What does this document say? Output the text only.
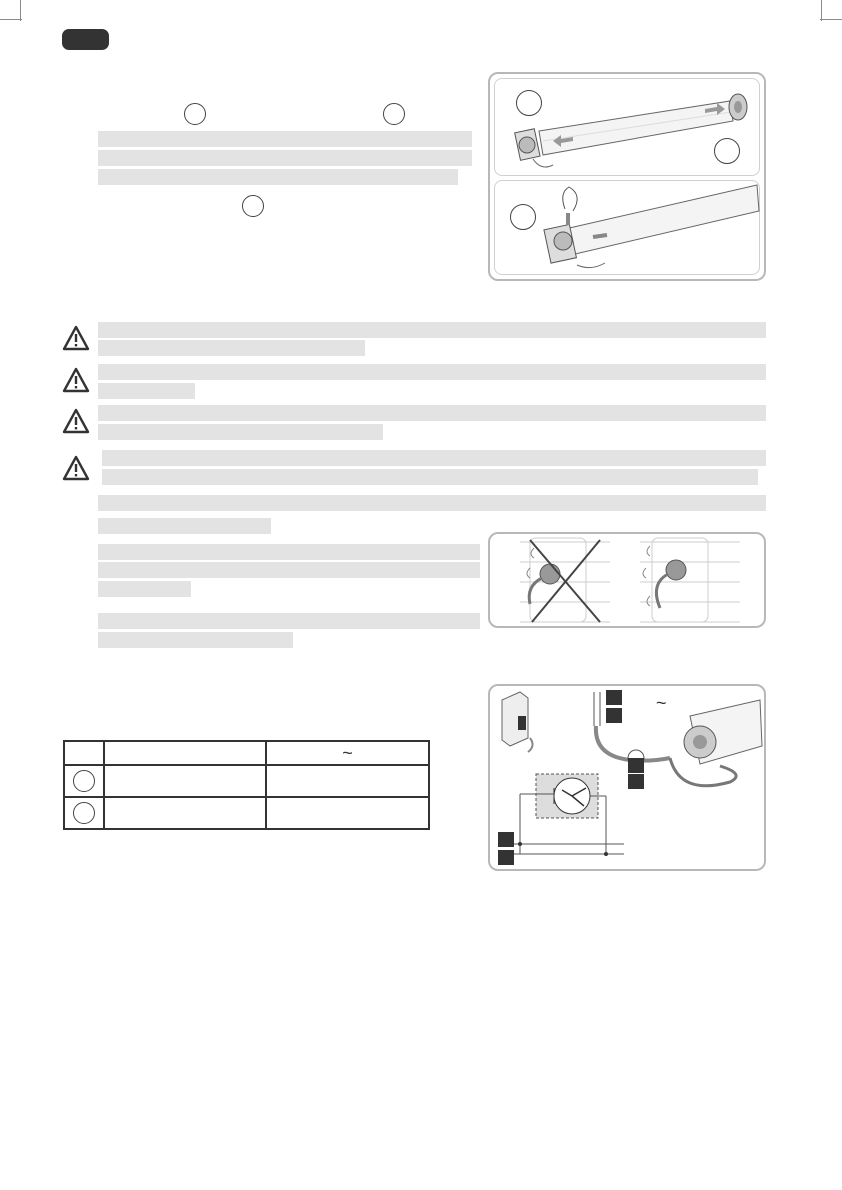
		~

~
